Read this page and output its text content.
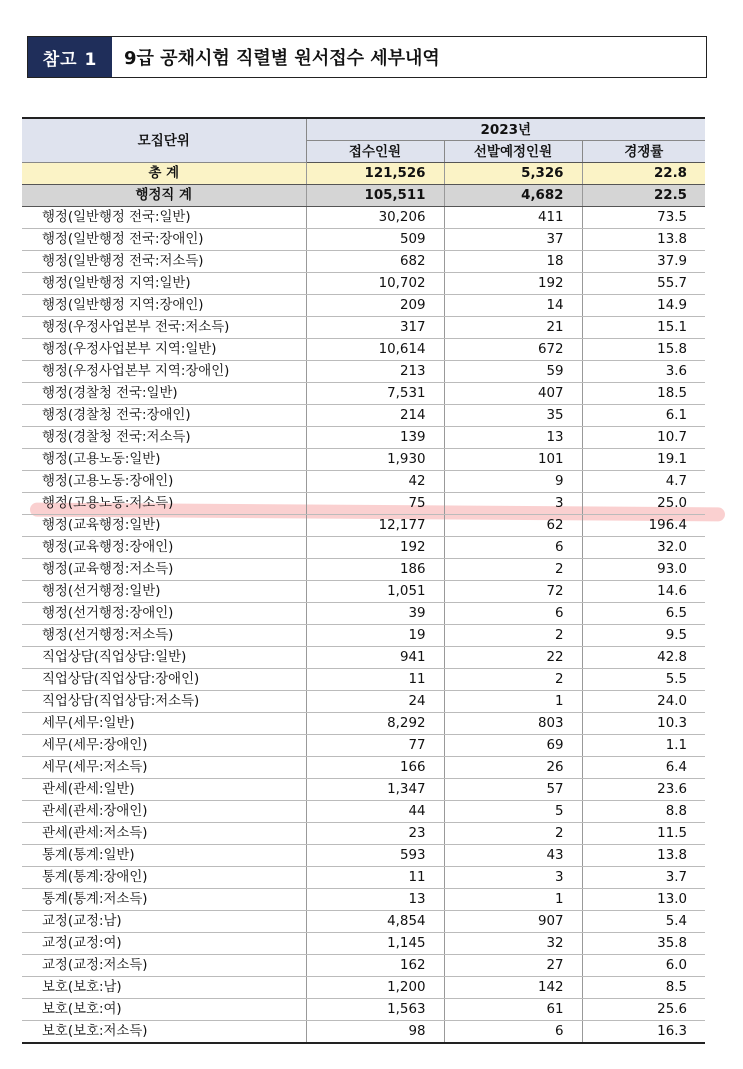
참고 1	9급 공채시험 직렬별 원서접수 세부내역
모집단위	2023년		
	접수인원	선발예정인원	경쟁률
총 계	121,526	5,326	22.8
행정직 계	105,511	4,682	22.5
행정(일반행정 전국:일반)	30,206	411	73.5
행정(일반행정 전국:장애인)	509	37	13.8
행정(일반행정 전국:저소득)	682	18	37.9
행정(일반행정 지역:일반)	10,702	192	55.7
행정(일반행정 지역:장애인)	209	14	14.9
행정(우정사업본부 전국:저소득)	317	21	15.1
행정(우정사업본부 지역:일반)	10,614	672	15.8
행정(우정사업본부 지역:장애인)	213	59	3.6
행정(경찰청 전국:일반)	7,531	407	18.5
행정(경찰청 전국:장애인)	214	35	6.1
행정(경찰청 전국:저소득)	139	13	10.7
행정(고용노동:일반)	1,930	101	19.1
행정(고용노동:장애인)	42	9	4.7
행정(고용노동:저소득)	75	3	25.0
행정(교육행정:일반)	12,177	62	196.4
행정(교육행정:장애인)	192	6	32.0
행정(교육행정:저소득)	186	2	93.0
행정(선거행정:일반)	1,051	72	14.6
행정(선거행정:장애인)	39	6	6.5
행정(선거행정:저소득)	19	2	9.5
직업상담(직업상담:일반)	941	22	42.8
직업상담(직업상담:장애인)	11	2	5.5
직업상담(직업상담:저소득)	24	1	24.0
세무(세무:일반)	8,292	803	10.3
세무(세무:장애인)	77	69	1.1
세무(세무:저소득)	166	26	6.4
관세(관세:일반)	1,347	57	23.6
관세(관세:장애인)	44	5	8.8
관세(관세:저소득)	23	2	11.5
통계(통계:일반)	593	43	13.8
통계(통계:장애인)	11	3	3.7
통계(통계:저소득)	13	1	13.0
교정(교정:남)	4,854	907	5.4
교정(교정:여)	1,145	32	35.8
교정(교정:저소득)	162	27	6.0
보호(보호:남)	1,200	142	8.5
보호(보호:여)	1,563	61	25.6
보호(보호:저소득)	98	6	16.3
